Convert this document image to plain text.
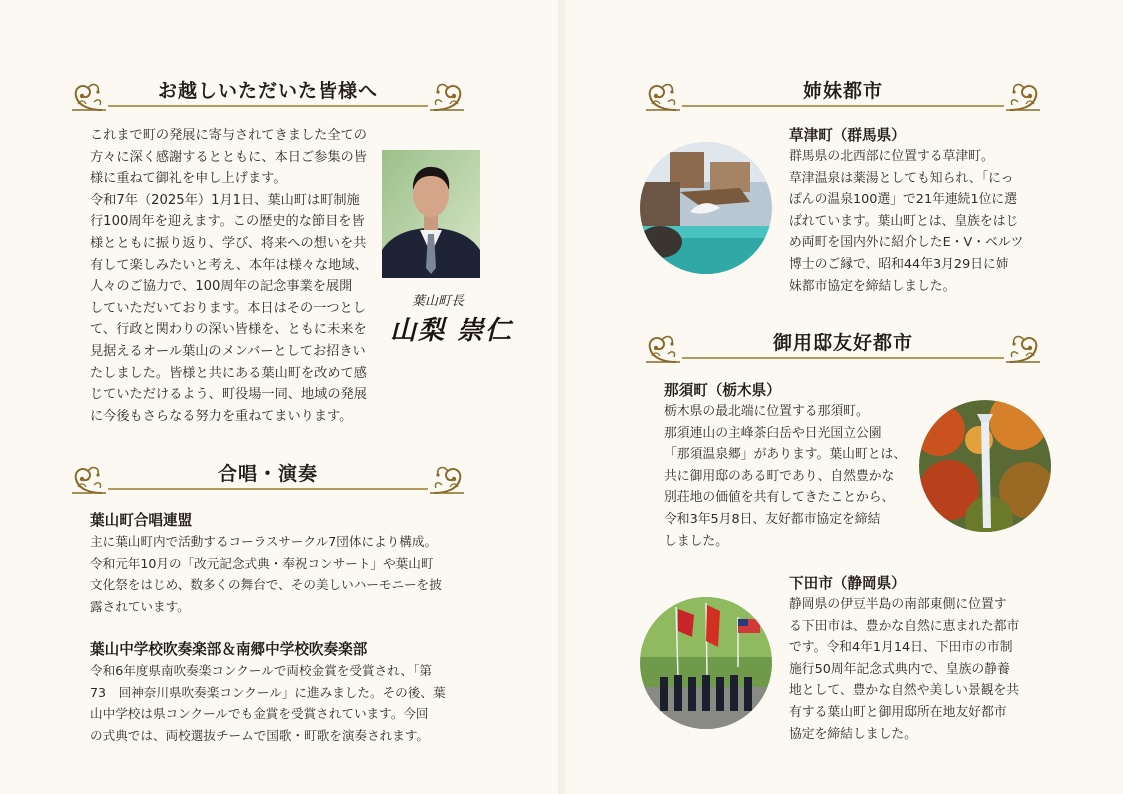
お越しいただいた皆様へ
これまで町の発展に寄与されてきました全ての
方々に深く感謝するとともに、本日ご参集の皆
様に重ねて御礼を申し上げます。
令和7年（2025年）1月1日、葉山町は町制施
行100周年を迎えます。この歴史的な節目を皆
様とともに振り返り、学び、将来への想いを共
有して楽しみたいと考え、本年は様々な地域、
人々のご協力で、100周年の記念事業を展開
していただいております。本日はその一つとし
て、行政と関わりの深い皆様を、ともに未来を
見据えるオール葉山のメンバーとしてお招きい
たしました。皆様と共にある葉山町を改めて感
じていただけるよう、町役場一同、地域の発展
に今後もさらなる努力を重ねてまいります。
葉山町長
山梨 崇仁
合唱・演奏
葉山町合唱連盟
主に葉山町内で活動するコーラスサークル7団体により構成。
令和元年10月の「改元記念式典・奉祝コンサート」や葉山町
文化祭をはじめ、数多くの舞台で、その美しいハーモニーを披
露されています。
葉山中学校吹奏楽部＆南郷中学校吹奏楽部
令和6年度県南吹奏楽コンクールで両校金賞を受賞され、「第
73　回神奈川県吹奏楽コンクール」に進みました。その後、葉
山中学校は県コンクールでも金賞を受賞されています。今回
の式典では、両校選抜チームで国歌・町歌を演奏されます。
姉妹都市
草津町（群馬県）
群馬県の北西部に位置する草津町。
草津温泉は薬湯としても知られ、「にっ
ぽんの温泉100選」で21年連続1位に選
ばれています。葉山町とは、皇族をはじ
め両町を国内外に紹介したE・V・ベルツ
博士のご縁で、昭和44年3月29日に姉
妹都市協定を締結しました。
御用邸友好都市
那須町（栃木県）
栃木県の最北端に位置する那須町。
那須連山の主峰茶臼岳や日光国立公園
「那須温泉郷」があります。葉山町とは、
共に御用邸のある町であり、自然豊かな
別荘地の価値を共有してきたことから、
令和3年5月8日、友好都市協定を締結
しました。
下田市（静岡県）
静岡県の伊豆半島の南部東側に位置す
る下田市は、豊かな自然に恵まれた都市
です。令和4年1月14日、下田市の市制
施行50周年記念式典内で、皇族の静養
地として、豊かな自然や美しい景観を共
有する葉山町と御用邸所在地友好都市
協定を締結しました。
